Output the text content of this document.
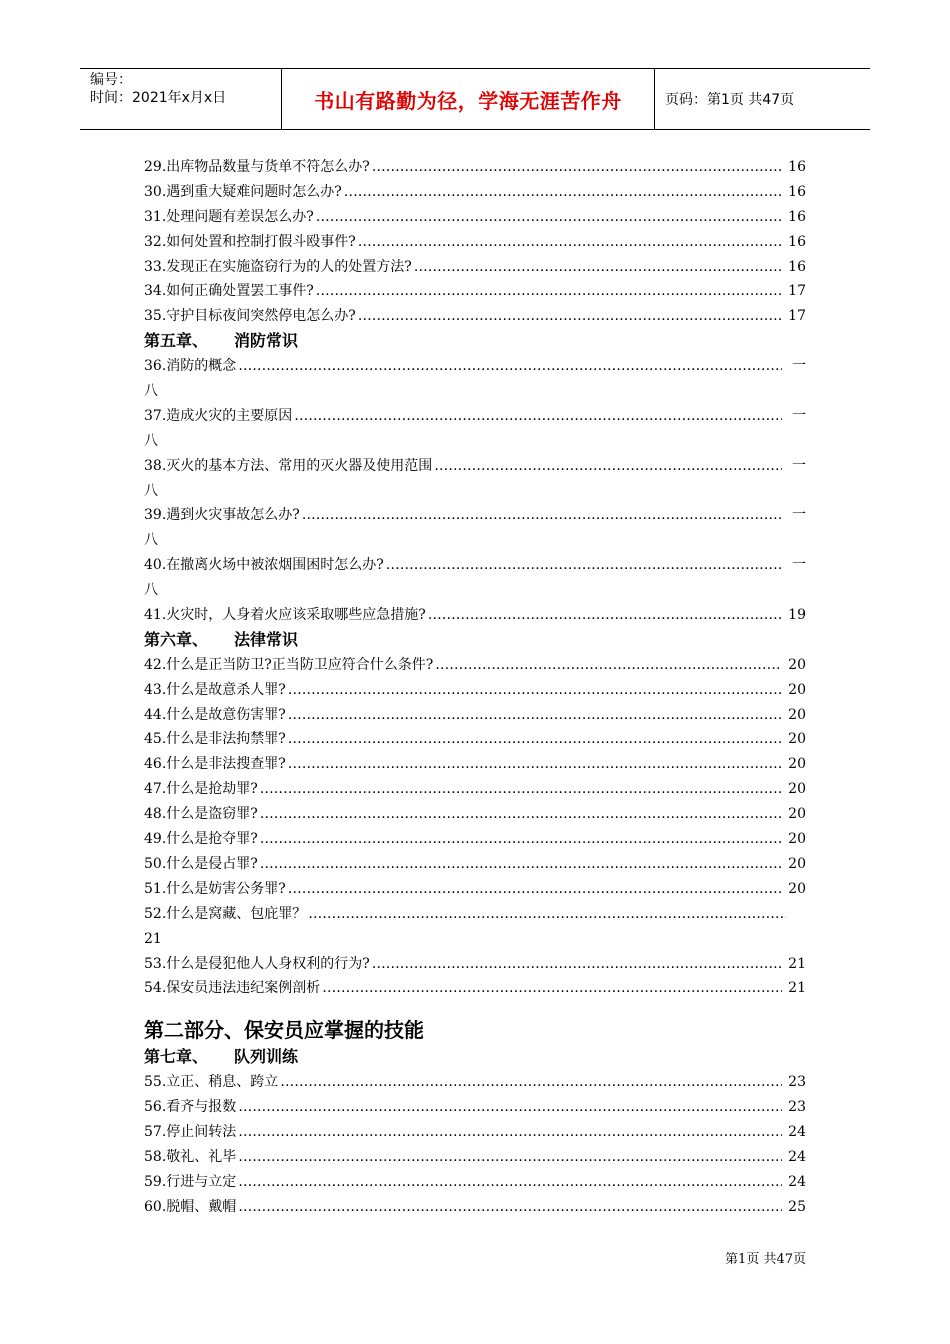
编号：
时间：2021年x月x日	书山有路勤为径，学海无涯苦作舟	页码：第1页 共47页
29.出库物品数量与货单不符怎么办? …………………………………………………………………………………………………………………………………………………………………………………………………………………………………………	16
30.遇到重大疑难问题时怎么办? …………………………………………………………………………………………………………………………………………………………………………………………………………………………………………	16
31.处理问题有差误怎么办? …………………………………………………………………………………………………………………………………………………………………………………………………………………………………………	16
32.如何处置和控制打假斗殴事件? …………………………………………………………………………………………………………………………………………………………………………………………………………………………………………	16
33.发现正在实施盗窃行为的人的处置方法? …………………………………………………………………………………………………………………………………………………………………………………………………………………………………………	16
34.如何正确处置罢工事件? …………………………………………………………………………………………………………………………………………………………………………………………………………………………………………	17
35.守护目标夜间突然停电怎么办? …………………………………………………………………………………………………………………………………………………………………………………………………………………………………………	17
第五章、 消防常识
36.消防的概念 …………………………………………………………………………………………………………………………………………………………………………………………………………………………………………	一
八
37.造成火灾的主要原因 …………………………………………………………………………………………………………………………………………………………………………………………………………………………………………	一
八
38.灭火的基本方法、常用的灭火器及使用范围 …………………………………………………………………………………………………………………………………………………………………………………………………………………………………………	一
八
39.遇到火灾事故怎么办? …………………………………………………………………………………………………………………………………………………………………………………………………………………………………………	一
八
40.在撤离火场中被浓烟围困时怎么办? …………………………………………………………………………………………………………………………………………………………………………………………………………………………………………	一
八
41.火灾时，人身着火应该采取哪些应急措施? …………………………………………………………………………………………………………………………………………………………………………………………………………………………………………	19
第六章、 法律常识
42.什么是正当防卫?正当防卫应符合什么条件? …………………………………………………………………………………………………………………………………………………………………………………………………………………………………………	20
43.什么是故意杀人罪? …………………………………………………………………………………………………………………………………………………………………………………………………………………………………………	20
44.什么是故意伤害罪? …………………………………………………………………………………………………………………………………………………………………………………………………………………………………………	20
45.什么是非法拘禁罪? …………………………………………………………………………………………………………………………………………………………………………………………………………………………………………	20
46.什么是非法搜查罪? …………………………………………………………………………………………………………………………………………………………………………………………………………………………………………	20
47.什么是抢劫罪? …………………………………………………………………………………………………………………………………………………………………………………………………………………………………………	20
48.什么是盗窃罪? …………………………………………………………………………………………………………………………………………………………………………………………………………………………………………	20
49.什么是抢夺罪? …………………………………………………………………………………………………………………………………………………………………………………………………………………………………………	20
50.什么是侵占罪? …………………………………………………………………………………………………………………………………………………………………………………………………………………………………………	20
51.什么是妨害公务罪? …………………………………………………………………………………………………………………………………………………………………………………………………………………………………………	20
52.什么是窝藏、包庇罪？
…………………………………………………………………………………………………………………………………………………………………………………………………………………………………………
21
53.什么是侵犯他人人身权利的行为? …………………………………………………………………………………………………………………………………………………………………………………………………………………………………………	21
54.保安员违法违纪案例剖析 …………………………………………………………………………………………………………………………………………………………………………………………………………………………………………	21
第二部分、保安员应掌握的技能
第七章、 队列训练
55.立正、稍息、跨立 …………………………………………………………………………………………………………………………………………………………………………………………………………………………………………	23
56.看齐与报数 …………………………………………………………………………………………………………………………………………………………………………………………………………………………………………	23
57.停止间转法 …………………………………………………………………………………………………………………………………………………………………………………………………………………………………………	24
58.敬礼、礼毕 …………………………………………………………………………………………………………………………………………………………………………………………………………………………………………	24
59.行进与立定 …………………………………………………………………………………………………………………………………………………………………………………………………………………………………………	24
60.脱帽、戴帽 …………………………………………………………………………………………………………………………………………………………………………………………………………………………………………	25
第1页 共47页
